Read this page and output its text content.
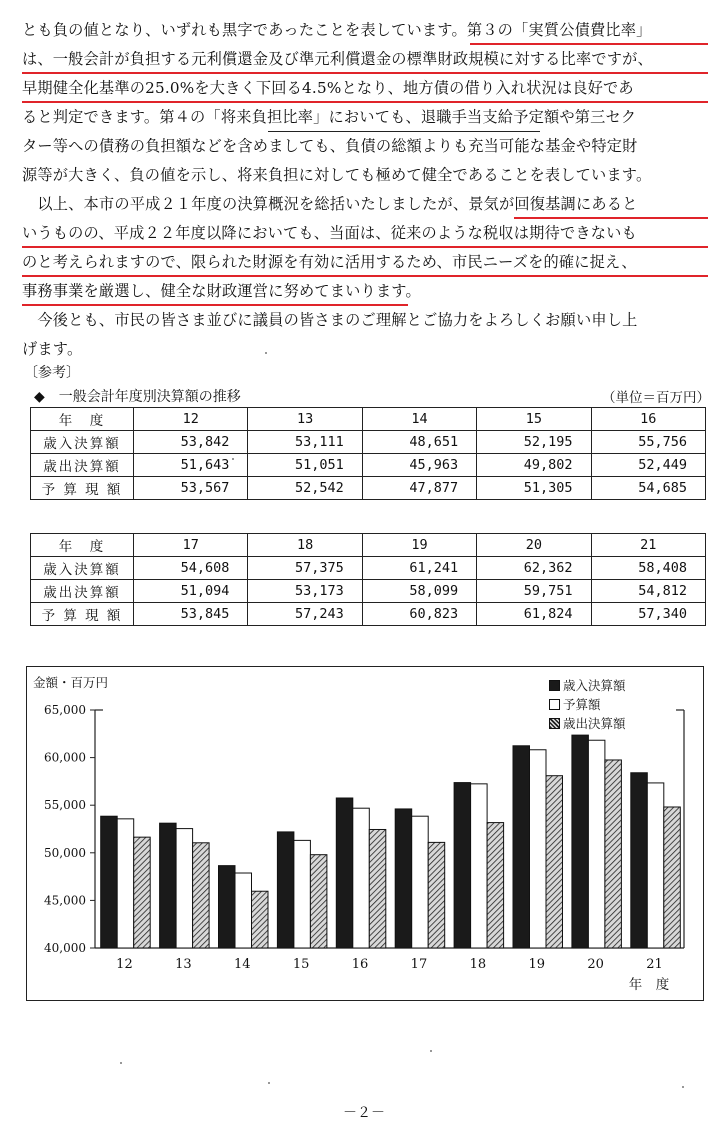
とも負の値となり、いずれも黒字であったことを表しています。第３の「実質公債費比率」
は、一般会計が負担する元利償還金及び準元利償還金の標準財政規模に対する比率ですが、
早期健全化基準の25.0%を大きく下回る4.5%となり、地方債の借り入れ状況は良好であ
ると判定できます。第４の「将来負担比率」においても、退職手当支給予定額や第三セク
ター等への債務の負担額などを含めましても、負債の総額よりも充当可能な基金や特定財
源等が大きく、負の値を示し、将来負担に対しても極めて健全であることを表しています。
　以上、本市の平成２１年度の決算概況を総括いたしましたが、景気が回復基調にあると
いうものの、平成２２年度以降においても、当面は、従来のような税収は期待できないも
のと考えられますので、限られた財源を有効に活用するため、市民ニーズを的確に捉え、
事務事業を厳選し、健全な財政運営に努めてまいります。
　今後とも、市民の皆さま並びに議員の皆さまのご理解とご協力をよろしくお願い申し上
げます。
〔参考〕
◆　一般会計年度別決算額の推移	（単位＝百万円）
年　度	12	13	14	15	16
歳入決算額	53,842	53,111	48,651	52,195	55,756
歳出決算額	51,643	51,051	45,963	49,802	52,449
予 算 現 額	53,567	52,542	47,877	51,305	54,685
年　度	17	18	19	20	21
歳入決算額	54,608	57,375	61,241	62,362	58,408
歳出決算額	51,094	53,173	58,099	59,751	54,812
予 算 現 額	53,845	57,243	60,823	61,824	57,340
金額・百万円
40,000
45,000
50,000
55,000
60,000
65,000
12	13	14	15	16	17	18	19	20	21
年　度
歳入決算額
予算額
歳出決算額
－２－
